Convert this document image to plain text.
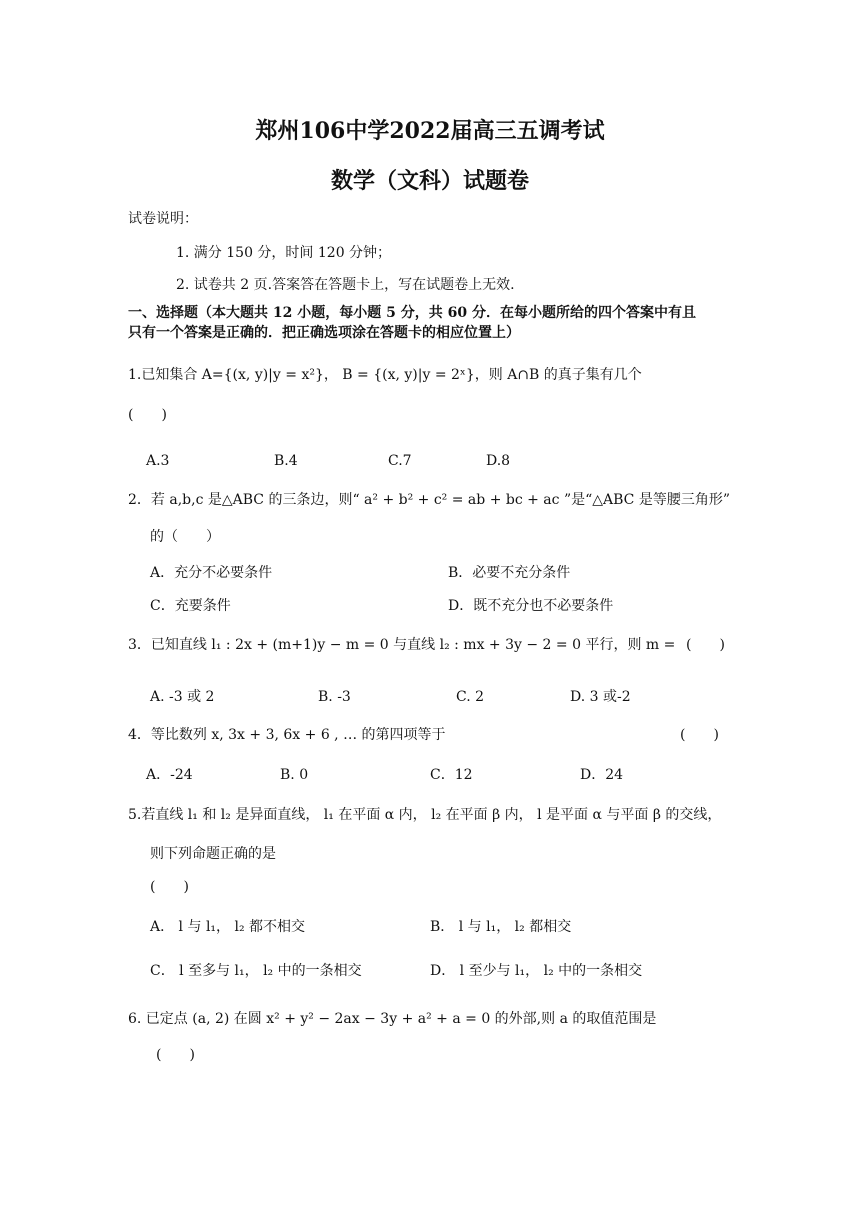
郑州106中学2022届高三五调考试
数学（文科）试题卷
试卷说明：
1. 满分 150 分，时间 120 分钟；
2. 试卷共 2 页.答案答在答题卡上，写在试题卷上无效.
一、选择题（本大题共 12 小题，每小题 5 分，共 60 分．在每小题所给的四个答案中有且
只有一个答案是正确的．把正确选项涂在答题卡的相应位置上）
1.已知集合 A={(x, y)|y = x²}， B = {(x, y)|y = 2ˣ}，则 A∩B 的真子集有几个
(　　)
A.3	B.4	C.7	D.8
2．若 a,b,c 是△ABC 的三条边，则“ a² + b² + c² = ab + bc + ac ”是“△ABC 是等腰三角形”
的（　　）
A．充分不必要条件	B．必要不充分条件
C．充要条件	D．既不充分也不必要条件
3．已知直线 l₁ : 2x + (m+1)y − m = 0 与直线 l₂ : mx + 3y − 2 = 0 平行，则 m = (　　)
A. -3 或 2	B. -3	C. 2	D. 3 或-2
4．等比数列 x, 3x + 3, 6x + 6 , … 的第四项等于	(　　)
A．-24	B. 0	C．12	D．24
5.若直线 l₁ 和 l₂ 是异面直线， l₁ 在平面 α 内， l₂ 在平面 β 内， l 是平面 α 与平面 β 的交线，
则下列命题正确的是
(　　)
A． l 与 l₁， l₂ 都不相交	B． l 与 l₁， l₂ 都相交
C． l 至多与 l₁， l₂ 中的一条相交	D． l 至少与 l₁， l₂ 中的一条相交
6. 已定点 (a, 2) 在圆 x² + y² − 2ax − 3y + a² + a = 0 的外部,则 a 的取值范围是
(　　)
